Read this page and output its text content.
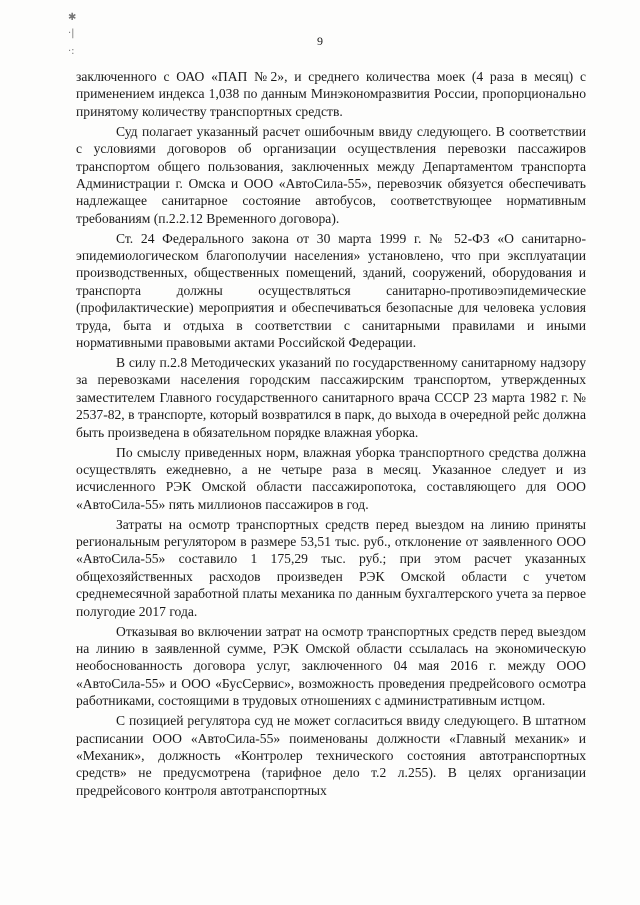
✱
·|
·:
9

заключенного с ОАО «ПАП №2», и среднего количества моек (4 раза в месяц) с применением индекса 1,038 по данным Минэкономразвития России, пропорционально принятому количеству транспортных средств.

Суд полагает указанный расчет ошибочным ввиду следующего. В соответствии с условиями договоров об организации осуществления перевозки пассажиров транспортом общего пользования, заключенных между Департаментом транспорта Администрации г. Омска и ООО «АвтоСила-55», перевозчик обязуется обеспечивать надлежащее санитарное состояние автобусов, соответствующее нормативным требованиям (п.2.2.12 Временного договора).

Ст. 24 Федерального закона от 30 марта 1999 г. № 52-ФЗ «О санитарно-эпидемиологическом благополучии населения» установлено, что при эксплуатации производственных, общественных помещений, зданий, сооружений, оборудования и транспорта должны осуществляться санитарно-противоэпидемические (профилактические) мероприятия и обеспечиваться безопасные для человека условия труда, быта и отдыха в соответствии с санитарными правилами и иными нормативными правовыми актами Российской Федерации.

В силу п.2.8 Методических указаний по государственному санитарному надзору за перевозками населения городским пассажирским транспортом, утвержденных заместителем Главного государственного санитарного врача СССР 23 марта 1982 г. № 2537-82, в транспорте, который возвратился в парк, до выхода в очередной рейс должна быть произведена в обязательном порядке влажная уборка.

По смыслу приведенных норм, влажная уборка транспортного средства должна осуществлять ежедневно, а не четыре раза в месяц. Указанное следует и из исчисленного РЭК Омской области пассажиропотока, составляющего для ООО «АвтоСила-55» пять миллионов пассажиров в год.

Затраты на осмотр транспортных средств перед выездом на линию приняты региональным регулятором в размере 53,51 тыс. руб., отклонение от заявленного ООО «АвтоСила-55» составило 1 175,29 тыс. руб.; при этом расчет указанных общехозяйственных расходов произведен РЭК Омской области с учетом среднемесячной заработной платы механика по данным бухгалтерского учета за первое полугодие 2017 года.

Отказывая во включении затрат на осмотр транспортных средств перед выездом на линию в заявленной сумме, РЭК Омской области ссылалась на экономическую необоснованность договора услуг, заключенного 04 мая 2016 г. между ООО «АвтоСила-55» и ООО «БусСервис», возможность проведения предрейсового осмотра работниками, состоящими в трудовых отношениях с административным истцом.

С позицией регулятора суд не может согласиться ввиду следующего. В штатном расписании ООО «АвтоСила-55» поименованы должности «Главный механик» и «Механик», должность «Контролер технического состояния автотранспортных средств» не предусмотрена (тарифное дело т.2 л.255). В целях организации предрейсового контроля автотранспортных
